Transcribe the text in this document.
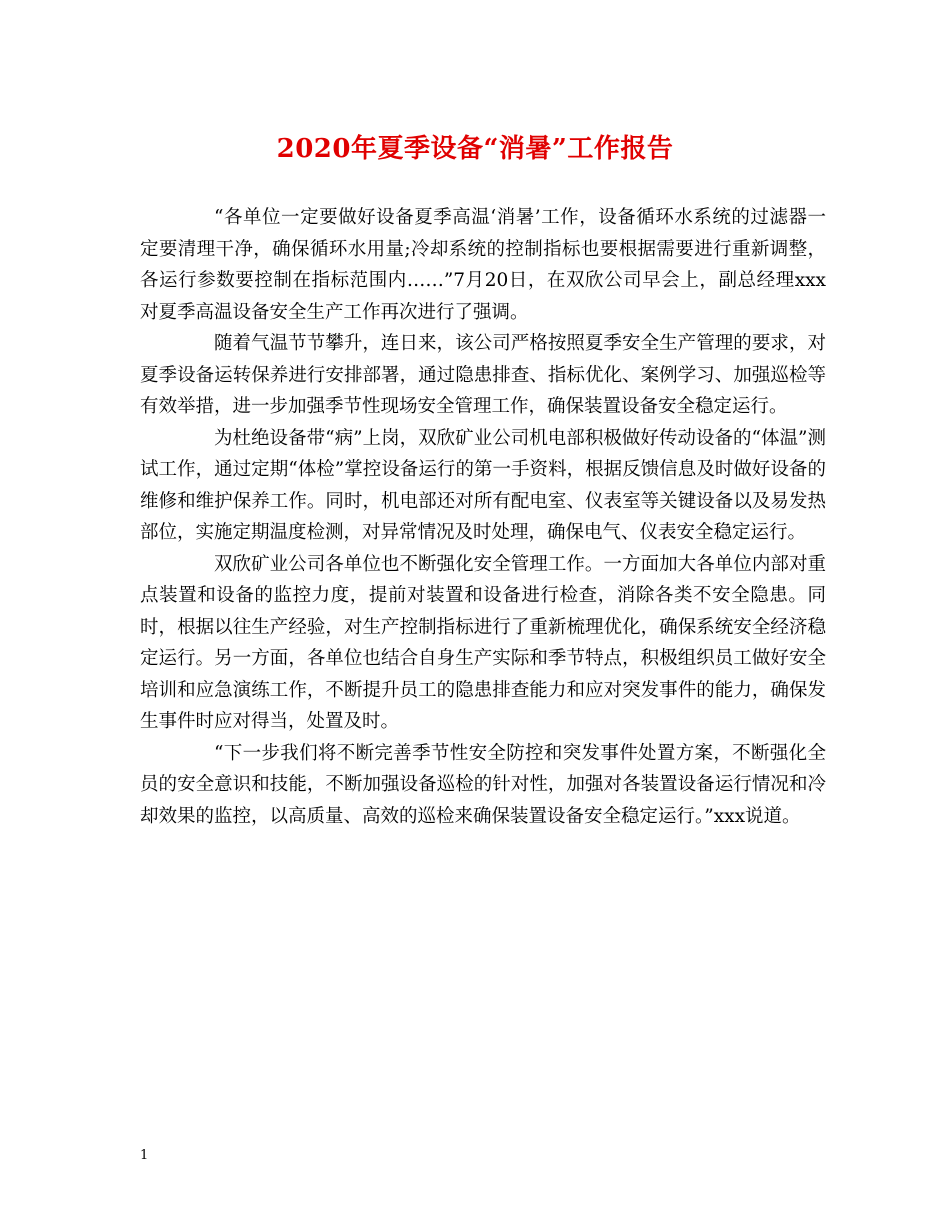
2020年夏季设备“消暑”工作报告

“各单位一定要做好设备夏季高温‘消暑’工作，设备循环水系统的过滤器一定要清理干净，确保循环水用量;冷却系统的控制指标也要根据需要进行重新调整，各运行参数要控制在指标范围内……”7月20日，在双欣公司早会上，副总经理xxx对夏季高温设备安全生产工作再次进行了强调。

随着气温节节攀升，连日来，该公司严格按照夏季安全生产管理的要求，对夏季设备运转保养进行安排部署，通过隐患排查、指标优化、案例学习、加强巡检等有效举措，进一步加强季节性现场安全管理工作，确保装置设备安全稳定运行。

为杜绝设备带“病”上岗，双欣矿业公司机电部积极做好传动设备的“体温”测试工作，通过定期“体检”掌控设备运行的第一手资料，根据反馈信息及时做好设备的维修和维护保养工作。同时，机电部还对所有配电室、仪表室等关键设备以及易发热部位，实施定期温度检测，对异常情况及时处理，确保电气、仪表安全稳定运行。

双欣矿业公司各单位也不断强化安全管理工作。一方面加大各单位内部对重点装置和设备的监控力度，提前对装置和设备进行检查，消除各类不安全隐患。同时，根据以往生产经验，对生产控制指标进行了重新梳理优化，确保系统安全经济稳定运行。另一方面，各单位也结合自身生产实际和季节特点，积极组织员工做好安全培训和应急演练工作，不断提升员工的隐患排查能力和应对突发事件的能力，确保发生事件时应对得当，处置及时。

“下一步我们将不断完善季节性安全防控和突发事件处置方案，不断强化全员的安全意识和技能，不断加强设备巡检的针对性，加强对各装置设备运行情况和冷却效果的监控，以高质量、高效的巡检来确保装置设备安全稳定运行。”xxx说道。

1
